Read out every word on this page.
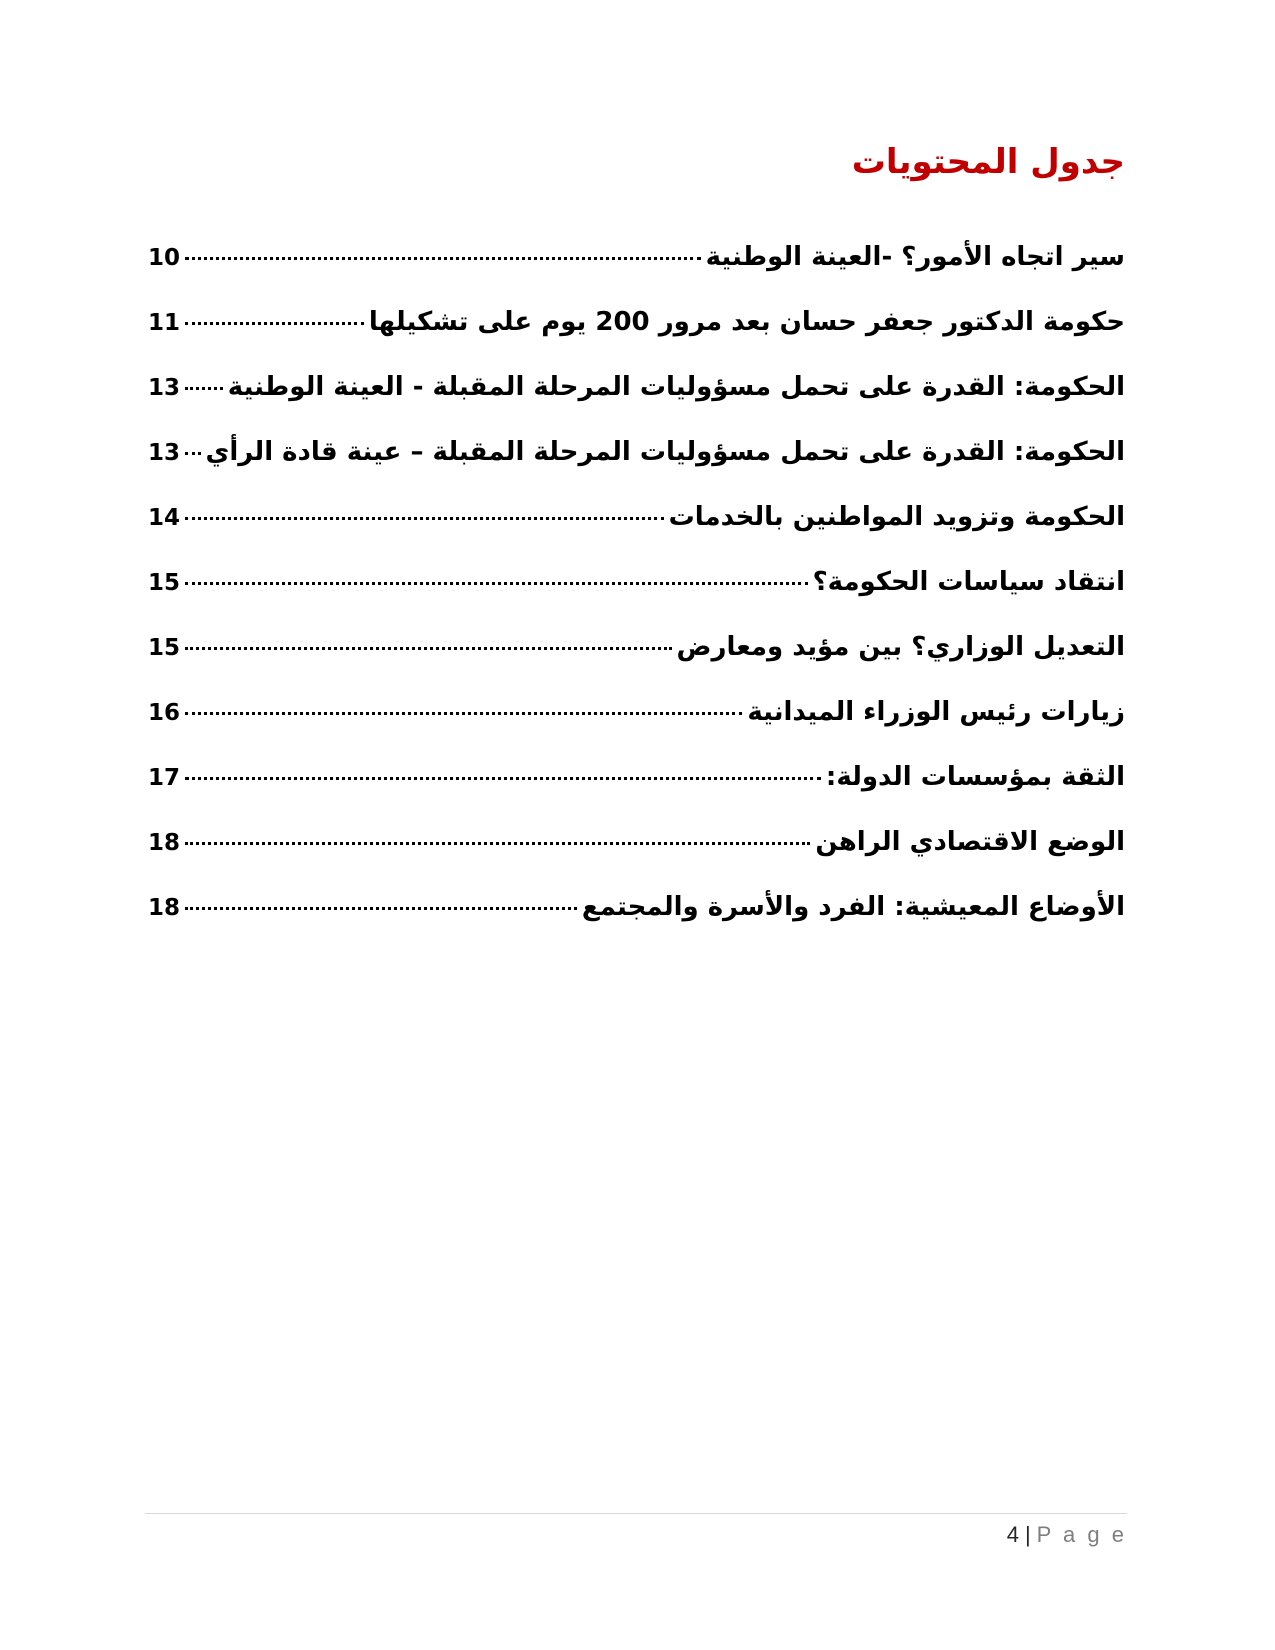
جدول المحتويات
سير اتجاه الأمور؟ -العينة الوطنية
10
حكومة الدكتور جعفر حسان بعد مرور 200 يوم على تشكيلها
11
الحكومة: القدرة على تحمل مسؤوليات المرحلة المقبلة - العينة الوطنية
13
الحكومة: القدرة على تحمل مسؤوليات المرحلة المقبلة – عينة قادة الرأي
13
الحكومة وتزويد المواطنين بالخدمات
14
انتقاد سياسات الحكومة؟
15
التعديل الوزاري؟ بين مؤيد ومعارض
15
زيارات رئيس الوزراء الميدانية
16
الثقة بمؤسسات الدولة:
17
الوضع الاقتصادي الراهن
18
الأوضاع المعيشية: الفرد والأسرة والمجتمع
18
4 | P a g e
